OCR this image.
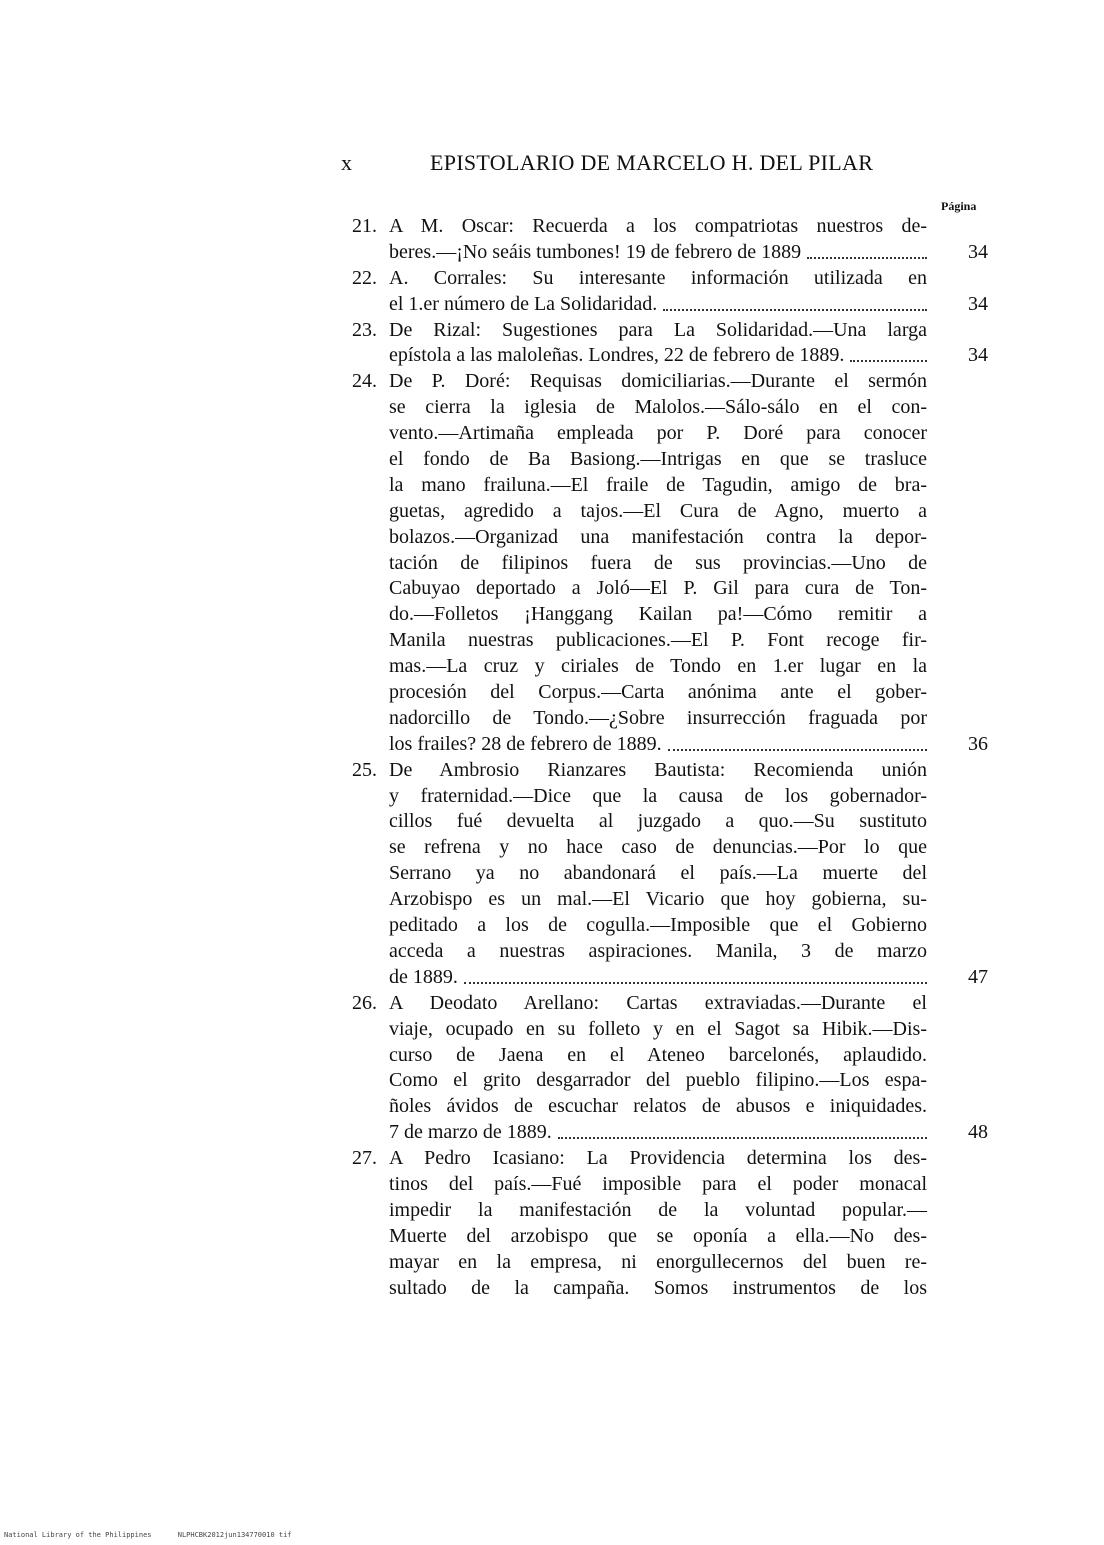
x	EPISTOLARIO DE MARCELO H. DEL PILAR
Página
21. A M. Oscar: Recuerda a los compatriotas nuestros de-
beres.—¡No seáis tumbones! 19 de febrero de 1889	34
22. A. Corrales: Su interesante información utilizada en
el 1.er número de La Solidaridad.	34
23. De Rizal: Sugestiones para La Solidaridad.—Una larga
epístola a las maloleñas. Londres, 22 de febrero de 1889.	34
24. De P. Doré: Requisas domiciliarias.—Durante el sermón
se cierra la iglesia de Malolos.—Sálo-sálo en el con-
vento.—Artimaña empleada por P. Doré para conocer
el fondo de Ba Basiong.—Intrigas en que se trasluce
la mano frailuna.—El fraile de Tagudin, amigo de bra-
guetas, agredido a tajos.—El Cura de Agno, muerto a
bolazos.—Organizad una manifestación contra la depor-
tación de filipinos fuera de sus provincias.—Uno de
Cabuyao deportado a Joló—El P. Gil para cura de Ton-
do.—Folletos ¡Hanggang Kailan pa!—Cómo remitir a
Manila nuestras publicaciones.—El P. Font recoge fir-
mas.—La cruz y ciriales de Tondo en 1.er lugar en la
procesión del Corpus.—Carta anónima ante el gober-
nadorcillo de Tondo.—¿Sobre insurrección fraguada por
los frailes? 28 de febrero de 1889.	36
25. De Ambrosio Rianzares Bautista: Recomienda unión
y fraternidad.—Dice que la causa de los gobernador-
cillos fué devuelta al juzgado a quo.—Su sustituto
se refrena y no hace caso de denuncias.—Por lo que
Serrano ya no abandonará el país.—La muerte del
Arzobispo es un mal.—El Vicario que hoy gobierna, su-
peditado a los de cogulla.—Imposible que el Gobierno
acceda a nuestras aspiraciones. Manila, 3 de marzo
de 1889.	47
26. A Deodato Arellano: Cartas extraviadas.—Durante el
viaje, ocupado en su folleto y en el Sagot sa Hibik.—Dis-
curso de Jaena en el Ateneo barcelonés, aplaudido.
Como el grito desgarrador del pueblo filipino.—Los espa-
ñoles ávidos de escuchar relatos de abusos e iniquidades.
7 de marzo de 1889.	48
27. A Pedro Icasiano: La Providencia determina los des-
tinos del país.—Fué imposible para el poder monacal
impedir la manifestación de la voluntad popular.—
Muerte del arzobispo que se oponía a ella.—No des-
mayar en la empresa, ni enorgullecernos del buen re-
sultado de la campaña. Somos instrumentos de los
National Library of the Philippines	NLPHCBK2012jun134770010 tif
